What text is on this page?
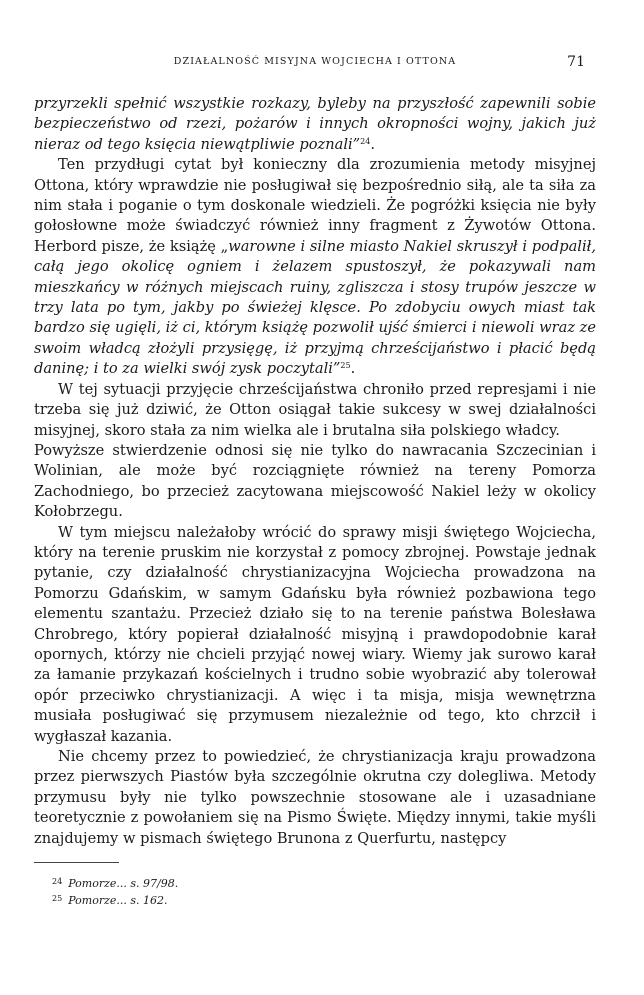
DZIAŁALNOŚĆ MISYJNA WOJCIECHA I OTTONA	71

przyrzekli spełnić wszystkie rozkazy, byleby na przyszłość zapewnili sobie bezpieczeństwo od rzezi, pożarów i innych okropności wojny, jakich już nieraz od tego księcia niewątpliwie poznali”$^{24}$.

Ten przydługi cytat był konieczny dla zrozumienia metody misyjnej Ottona, który wprawdzie nie posługiwał się bezpośrednio siłą, ale ta siła za nim stała i poganie o tym doskonale wiedzieli. Że pogróżki księcia nie były gołosłowne może świadczyć również inny fragment z Żywotów Ottona. Herbord pisze, że książę „warowne i silne miasto Nakiel skruszył i podpalił, całą jego okolicę ogniem i żelazem spustoszył, że pokazywali nam mieszkańcy w różnych miejscach ruiny, zgliszcza i stosy trupów jeszcze w trzy lata po tym, jakby po świeżej klęsce. Po zdobyciu owych miast tak bardzo się ugięli, iż ci, którym książę pozwolił ujść śmierci i niewoli wraz ze swoim władcą złożyli przysięgę, iż przyjmą chrześcijaństwo i płacić będą daninę; i to za wielki swój zysk poczytali”$^{25}$.

W tej sytuacji przyjęcie chrześcijaństwa chroniło przed represjami i nie trzeba się już dziwić, że Otton osiągał takie sukcesy w swej działalności misyjnej, skoro stała za nim wielka ale i brutalna siła polskiego władcy.

Powyższe stwierdzenie odnosi się nie tylko do nawracania Szczecinian i Wolinian, ale może być rozciągnięte również na tereny Pomorza Zachodniego, bo przecież zacytowana miejscowość Nakiel leży w okolicy Kołobrzegu.

W tym miejscu należałoby wrócić do sprawy misji świętego Wojciecha, który na terenie pruskim nie korzystał z pomocy zbrojnej. Powstaje jednak pytanie, czy działalność chrystianizacyjna Wojciecha prowadzona na Pomorzu Gdańskim, w samym Gdańsku była również pozbawiona tego elementu szantażu. Przecież działo się to na terenie państwa Bolesława Chrobrego, który popierał działalność misyjną i prawdopodobnie karał opornych, którzy nie chcieli przyjąć nowej wiary. Wiemy jak surowo karał za łamanie przykazań kościelnych i trudno sobie wyobrazić aby tolerował opór przeciwko chrystianizacji. A więc i ta misja, misja wewnętrzna musiała posługiwać się przymusem niezależnie od tego, kto chrzcił i wygłaszał kazania.

Nie chcemy przez to powiedzieć, że chrystianizacja kraju prowadzona przez pierwszych Piastów była szczególnie okrutna czy dolegliwa. Metody przymusu były nie tylko powszechnie stosowane ale i uzasadniane teoretycznie z powołaniem się na Pismo Święte. Między innymi, takie myśli znajdujemy w pismach świętego Brunona z Querfurtu, następcy

$^{24}$ Pomorze... s. 97/98.
$^{25}$ Pomorze... s. 162.
